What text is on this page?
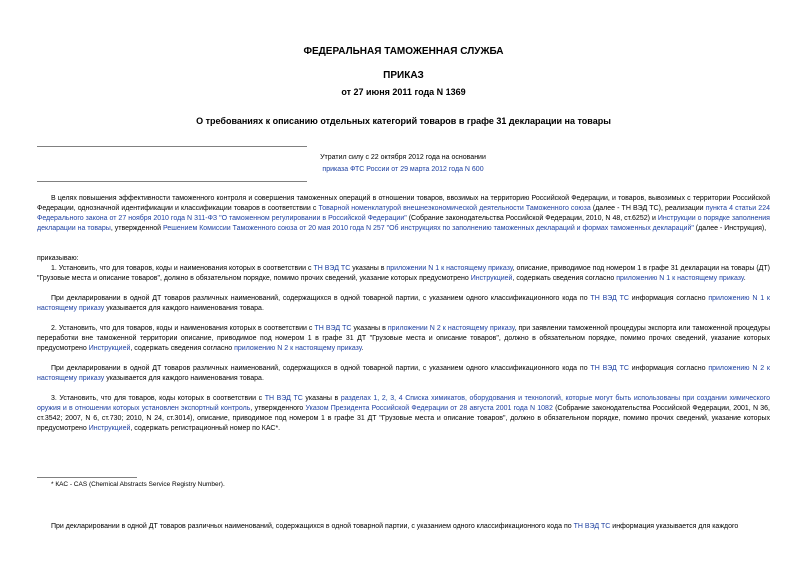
ФЕДЕРАЛЬНАЯ ТАМОЖЕННАЯ СЛУЖБА
ПРИКАЗ
от 27 июня 2011 года N 1369
О требованиях к описанию отдельных категорий товаров в графе 31 декларации на товары
Утратил силу с 22 октября 2012 года на основании
приказа ФТС России от 29 марта 2012 года N 600

В целях повышения эффективности таможенного контроля и совершения таможенных операций в отношении товаров, ввозимых на территорию Российской Федерации, и товаров, вывозимых с территории Российской Федерации, однозначной идентификации и классификации товаров в соответствии с Товарной номенклатурой внешнеэкономической деятельности Таможенного союза (далее - ТН ВЭД ТС), реализации пункта 4 статьи 224 Федерального закона от 27 ноября 2010 года N 311-ФЗ "О таможенном регулировании в Российской Федерации" (Собрание законодательства Российской Федерации, 2010, N 48, ст.6252) и Инструкции о порядке заполнения декларации на товары, утвержденной Решением Комиссии Таможенного союза от 20 мая 2010 года N 257 "Об инструкциях по заполнению таможенных деклараций и формах таможенных деклараций" (далее - Инструкция),

приказываю:

1. Установить, что для товаров, коды и наименования которых в соответствии с ТН ВЭД ТС указаны в приложении N 1 к настоящему приказу, описание, приводимое под номером 1 в графе 31 декларации на товары (ДТ) "Грузовые места и описание товаров", должно в обязательном порядке, помимо прочих сведений, указание которых предусмотрено Инструкцией, содержать сведения согласно приложению N 1 к настоящему приказу.

При декларировании в одной ДТ товаров различных наименований, содержащихся в одной товарной партии, с указанием одного классификационного кода по ТН ВЭД ТС информация согласно приложению N 1 к настоящему приказу указывается для каждого наименования товара.

2. Установить, что для товаров, коды и наименования которых в соответствии с ТН ВЭД ТС указаны в приложении N 2 к настоящему приказу, при заявлении таможенной процедуры экспорта или таможенной процедуры переработки вне таможенной территории описание, приводимое под номером 1 в графе 31 ДТ "Грузовые места и описание товаров", должно в обязательном порядке, помимо прочих сведений, указание которых предусмотрено Инструкцией, содержать сведения согласно приложению N 2 к настоящему приказу.

При декларировании в одной ДТ товаров различных наименований, содержащихся в одной товарной партии, с указанием одного классификационного кода по ТН ВЭД ТС информация согласно приложению N 2 к настоящему приказу указывается для каждого наименования товара.

3. Установить, что для товаров, коды которых в соответствии с ТН ВЭД ТС указаны в разделах 1, 2, 3, 4 Списка химикатов, оборудования и технологий, которые могут быть использованы при создании химического оружия и в отношении которых установлен экспортный контроль, утвержденного Указом Президента Российской Федерации от 28 августа 2001 года N 1082 (Собрание законодательства Российской Федерации, 2001, N 36, ст.3542; 2007, N 6, ст.730; 2010, N 24, ст.3014), описание, приводимое под номером 1 в графе 31 ДТ "Грузовые места и описание товаров", должно в обязательном порядке, помимо прочих сведений, указание которых предусмотрено Инструкцией, содержать регистрационный номер по КАС*.

* КАС - CAS (Chemical Abstracts Service Registry Number).
При декларировании в одной ДТ товаров различных наименований, содержащихся в одной товарной партии, с указанием одного классификационного кода по ТН ВЭД ТС информация указывается для каждого
